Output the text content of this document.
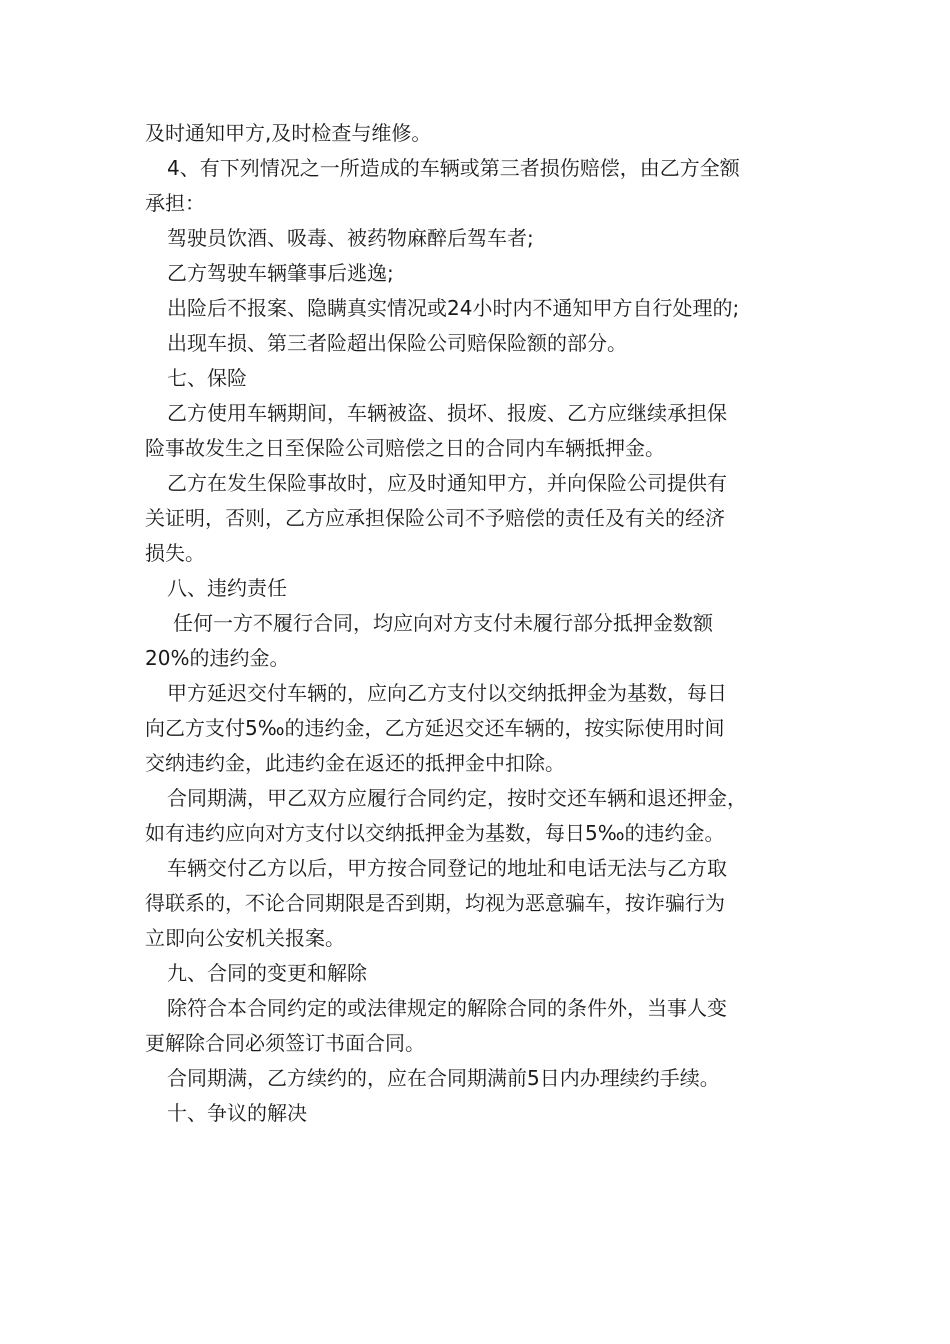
及时通知甲方,及时检查与维修。
4、有下列情况之一所造成的车辆或第三者损伤赔偿，由乙方全额
承担：
驾驶员饮酒、吸毒、被药物麻醉后驾车者;
乙方驾驶车辆肇事后逃逸;
出险后不报案、隐瞒真实情况或24小时内不通知甲方自行处理的;
出现车损、第三者险超出保险公司赔保险额的部分。
七、保险
乙方使用车辆期间，车辆被盗、损坏、报废、乙方应继续承担保
险事故发生之日至保险公司赔偿之日的合同内车辆抵押金。
乙方在发生保险事故时，应及时通知甲方，并向保险公司提供有
关证明，否则，乙方应承担保险公司不予赔偿的责任及有关的经济
损失。
八、违约责任
任何一方不履行合同，均应向对方支付未履行部分抵押金数额
20%的违约金。
甲方延迟交付车辆的，应向乙方支付以交纳抵押金为基数，每日
向乙方支付5‰的违约金，乙方延迟交还车辆的，按实际使用时间
交纳违约金，此违约金在返还的抵押金中扣除。
合同期满，甲乙双方应履行合同约定，按时交还车辆和退还押金，
如有违约应向对方支付以交纳抵押金为基数，每日5‰的违约金。
车辆交付乙方以后，甲方按合同登记的地址和电话无法与乙方取
得联系的，不论合同期限是否到期，均视为恶意骗车，按诈骗行为
立即向公安机关报案。
九、合同的变更和解除
除符合本合同约定的或法律规定的解除合同的条件外，当事人变
更解除合同必须签订书面合同。
合同期满，乙方续约的，应在合同期满前5日内办理续约手续。
十、争议的解决
